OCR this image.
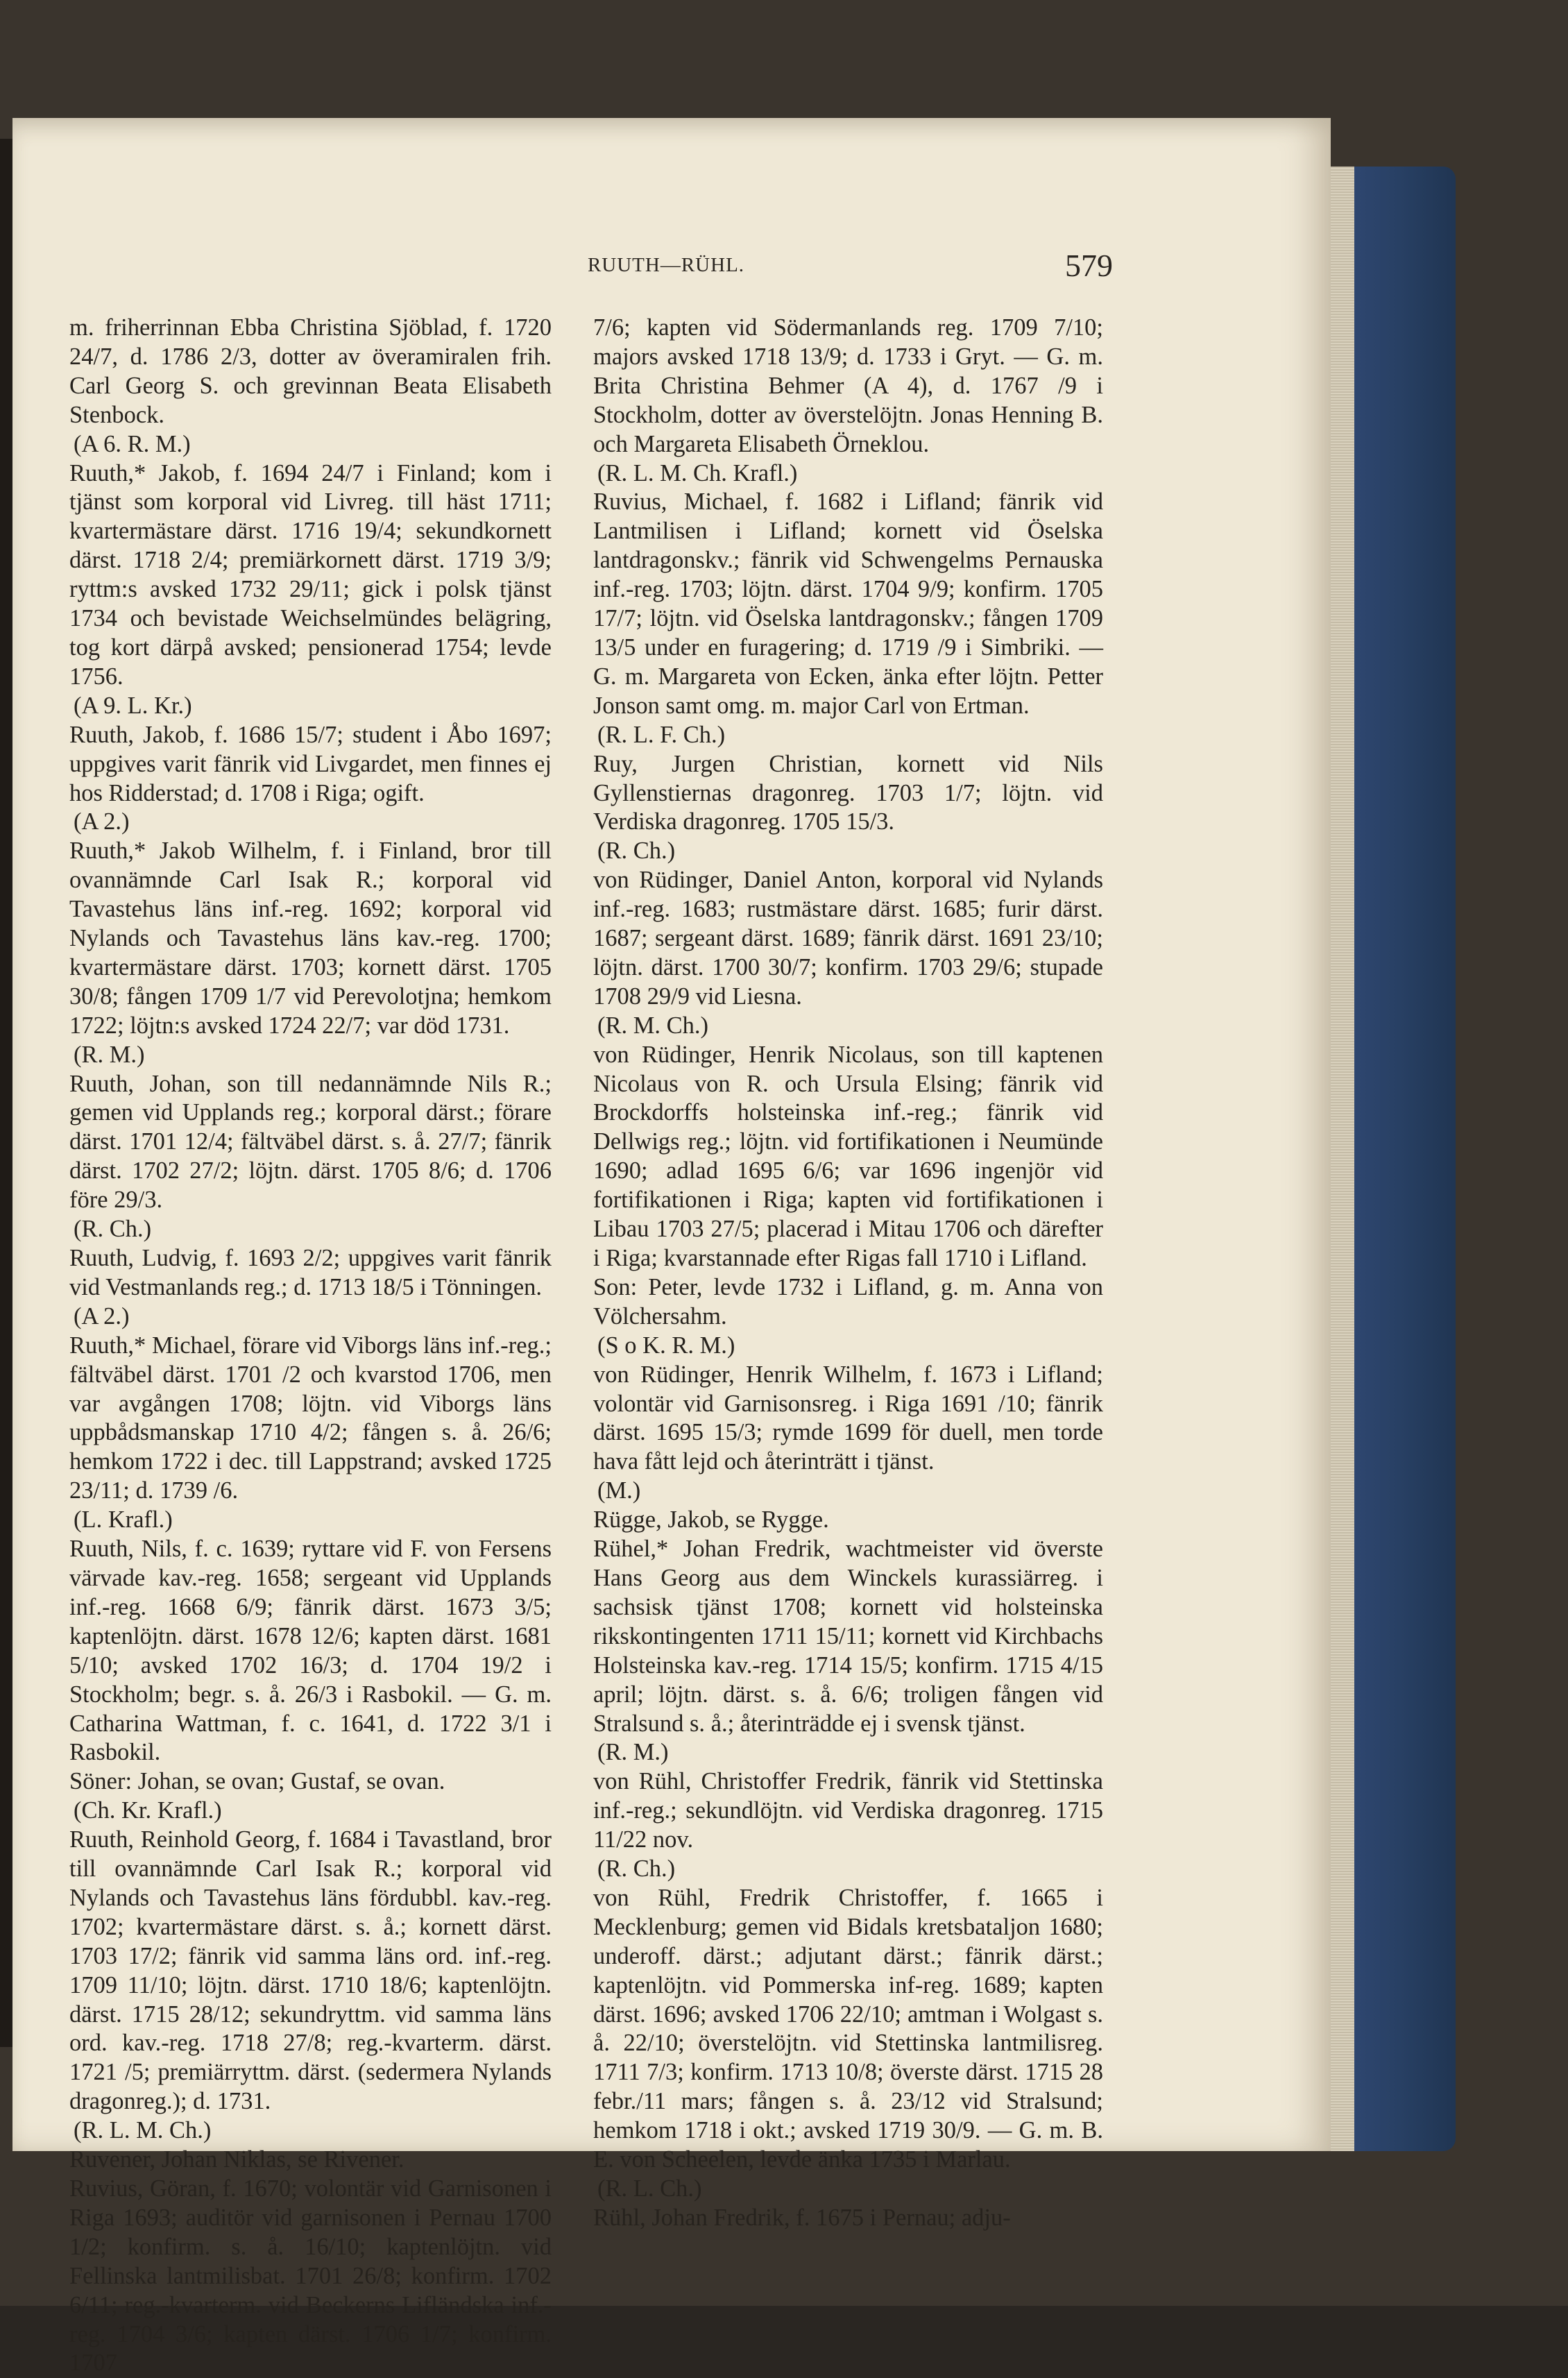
RUUTH—RÜHL.	579

m. friherrinnan Ebba Christina Sjöblad, f. 1720 24/7, d. 1786 2/3, dotter av överamiralen frih. Carl Georg S. och grevinnan Beata Elisabeth Stenbock.

(A 6. R. M.)

Ruuth,* Jakob, f. 1694 24/7 i Finland; kom i tjänst som korporal vid Livreg. till häst 1711; kvartermästare därst. 1716 19/4; sekundkornett därst. 1718 2/4; premiärkornett därst. 1719 3/9; ryttm:s avsked 1732 29/11; gick i polsk tjänst 1734 och bevistade Weichselmündes belägring, tog kort därpå avsked; pensionerad 1754; levde 1756.

(A 9. L. Kr.)

Ruuth, Jakob, f. 1686 15/7; student i Åbo 1697; uppgives varit fänrik vid Livgardet, men finnes ej hos Ridderstad; d. 1708 i Riga; ogift.

(A 2.)

Ruuth,* Jakob Wilhelm, f. i Finland, bror till ovannämnde Carl Isak R.; korporal vid Tavastehus läns inf.-reg. 1692; korporal vid Nylands och Tavastehus läns kav.-reg. 1700; kvartermästare därst. 1703; kornett därst. 1705 30/8; fången 1709 1/7 vid Perevolotjna; hemkom 1722; löjtn:s avsked 1724 22/7; var död 1731.

(R. M.)

Ruuth, Johan, son till nedannämnde Nils R.; gemen vid Upplands reg.; korporal därst.; förare därst. 1701 12/4; fältväbel därst. s. å. 27/7; fänrik därst. 1702 27/2; löjtn. därst. 1705 8/6; d. 1706 före 29/3.

(R. Ch.)

Ruuth, Ludvig, f. 1693 2/2; uppgives varit fänrik vid Vestmanlands reg.; d. 1713 18/5 i Tönningen.

(A 2.)

Ruuth,* Michael, förare vid Viborgs läns inf.-reg.; fältväbel därst. 1701 /2 och kvarstod 1706, men var avgången 1708; löjtn. vid Viborgs läns uppbådsmanskap 1710 4/2; fången s. å. 26/6; hemkom 1722 i dec. till Lappstrand; avsked 1725 23/11; d. 1739 /6.

(L. Krafl.)

Ruuth, Nils, f. c. 1639; ryttare vid F. von Fersens värvade kav.-reg. 1658; sergeant vid Upplands inf.-reg. 1668 6/9; fänrik därst. 1673 3/5; kaptenlöjtn. därst. 1678 12/6; kapten därst. 1681 5/10; avsked 1702 16/3; d. 1704 19/2 i Stockholm; begr. s. å. 26/3 i Rasbokil. — G. m. Catharina Wattman, f. c. 1641, d. 1722 3/1 i Rasbokil.

Söner: Johan, se ovan; Gustaf, se ovan.

(Ch. Kr. Krafl.)

Ruuth, Reinhold Georg, f. 1684 i Tavastland, bror till ovannämnde Carl Isak R.; korporal vid Nylands och Tavastehus läns fördubbl. kav.-reg. 1702; kvartermästare därst. s. å.; kornett därst. 1703 17/2; fänrik vid samma läns ord. inf.-reg. 1709 11/10; löjtn. därst. 1710 18/6; kaptenlöjtn. därst. 1715 28/12; sekundryttm. vid samma läns ord. kav.-reg. 1718 27/8; reg.-kvarterm. därst. 1721 /5; premiärryttm. därst. (sedermera Nylands dragonreg.); d. 1731.

(R. L. M. Ch.)

Ruvener, Johan Niklas, se Rivener.

Ruvius, Göran, f. 1670; volontär vid Garnisonen i Riga 1693; auditör vid garnisonen i Pernau 1700 1/2; konfirm. s. å. 16/10; kaptenlöjtn. vid Fellinska lantmilisbat. 1701 26/8; konfirm. 1702 6/11; reg.-kvarterm. vid Beckerns Lifländska inf.-reg. 1704 3/6; kapten därst. 1706 1/7; konfirm. 1707

7/6; kapten vid Södermanlands reg. 1709 7/10; majors avsked 1718 13/9; d. 1733 i Gryt. — G. m. Brita Christina Behmer (A 4), d. 1767 /9 i Stockholm, dotter av överstelöjtn. Jonas Henning B. och Margareta Elisabeth Örneklou.

(R. L. M. Ch. Krafl.)

Ruvius, Michael, f. 1682 i Lifland; fänrik vid Lantmilisen i Lifland; kornett vid Öselska lantdragonskv.; fänrik vid Schwengelms Pernauska inf.-reg. 1703; löjtn. därst. 1704 9/9; konfirm. 1705 17/7; löjtn. vid Öselska lantdragonskv.; fången 1709 13/5 under en furagering; d. 1719 /9 i Simbriki. — G. m. Margareta von Ecken, änka efter löjtn. Petter Jonson samt omg. m. major Carl von Ertman.

(R. L. F. Ch.)

Ruy, Jurgen Christian, kornett vid Nils Gyllenstiernas dragonreg. 1703 1/7; löjtn. vid Verdiska dragonreg. 1705 15/3.

(R. Ch.)

von Rüdinger, Daniel Anton, korporal vid Nylands inf.-reg. 1683; rustmästare därst. 1685; furir därst. 1687; sergeant därst. 1689; fänrik därst. 1691 23/10; löjtn. därst. 1700 30/7; konfirm. 1703 29/6; stupade 1708 29/9 vid Liesna.

(R. M. Ch.)

von Rüdinger, Henrik Nicolaus, son till kaptenen Nicolaus von R. och Ursula Elsing; fänrik vid Brockdorffs holsteinska inf.-reg.; fänrik vid Dellwigs reg.; löjtn. vid fortifikationen i Neumünde 1690; adlad 1695 6/6; var 1696 ingenjör vid fortifikationen i Riga; kapten vid fortifikationen i Libau 1703 27/5; placerad i Mitau 1706 och därefter i Riga; kvarstannade efter Rigas fall 1710 i Lifland.

Son: Peter, levde 1732 i Lifland, g. m. Anna von Völchersahm.

(S o K. R. M.)

von Rüdinger, Henrik Wilhelm, f. 1673 i Lifland; volontär vid Garnisonsreg. i Riga 1691 /10; fänrik därst. 1695 15/3; rymde 1699 för duell, men torde hava fått lejd och återinträtt i tjänst.

(M.)

Rügge, Jakob, se Rygge.

Rühel,* Johan Fredrik, wachtmeister vid överste Hans Georg aus dem Winckels kurassiärreg. i sachsisk tjänst 1708; kornett vid holsteinska rikskontingenten 1711 15/11; kornett vid Kirchbachs Holsteinska kav.-reg. 1714 15/5; konfirm. 1715 4/15 april; löjtn. därst. s. å. 6/6; troligen fången vid Stralsund s. å.; återinträdde ej i svensk tjänst.

(R. M.)

von Rühl, Christoffer Fredrik, fänrik vid Stettinska inf.-reg.; sekundlöjtn. vid Verdiska dragonreg. 1715 11/22 nov.

(R. Ch.)

von Rühl, Fredrik Christoffer, f. 1665 i Mecklenburg; gemen vid Bidals kretsbataljon 1680; underoff. därst.; adjutant därst.; fänrik därst.; kaptenlöjtn. vid Pommerska inf-reg. 1689; kapten därst. 1696; avsked 1706 22/10; amtman i Wolgast s. å. 22/10; överstelöjtn. vid Stettinska lantmilisreg. 1711 7/3; konfirm. 1713 10/8; överste därst. 1715 28 febr./11 mars; fången s. å. 23/12 vid Stralsund; hemkom 1718 i okt.; avsked 1719 30/9. — G. m. B. E. von Scheelen, levde änka 1735 i Marlau.

(R. L. Ch.)

Rühl, Johan Fredrik, f. 1675 i Pernau; adju-
